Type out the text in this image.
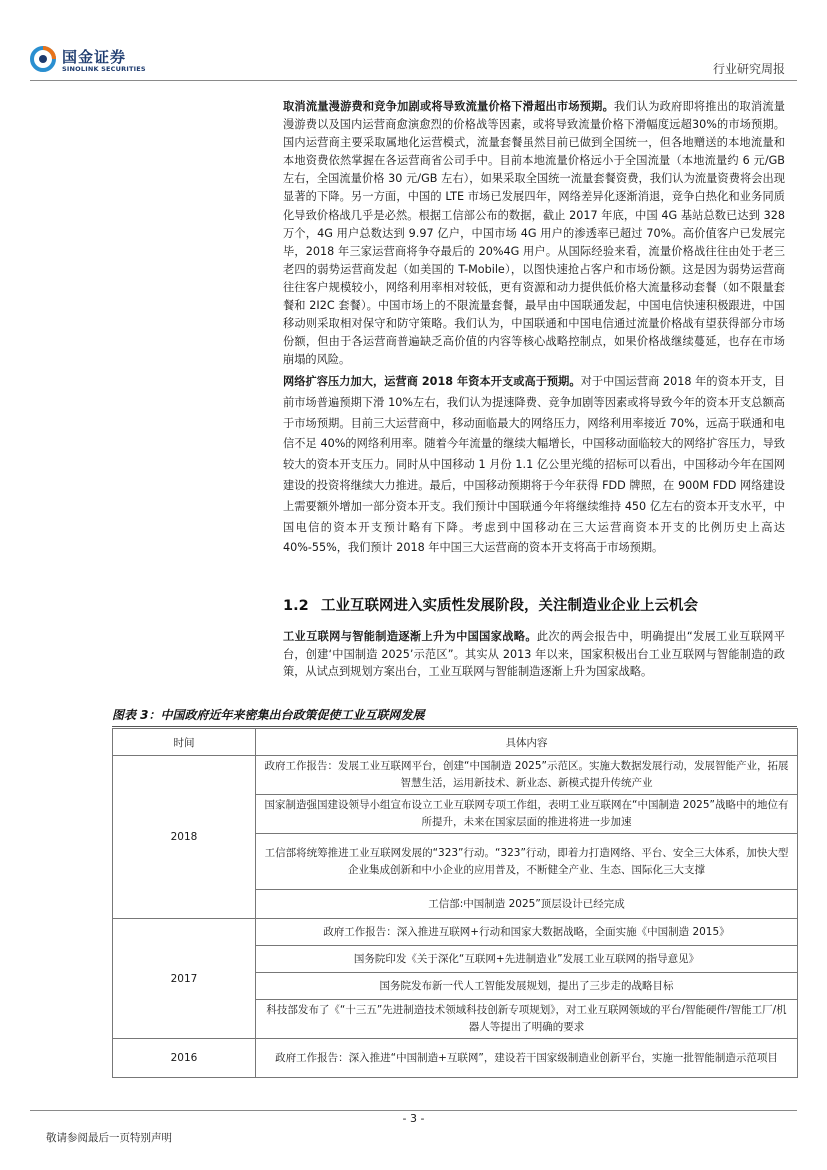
国金证券
SINOLINK SECURITIES	行业研究周报

取消流量漫游费和竞争加剧或将导致流量价格下滑超出市场预期。我们认为政府即将推出的取消流量漫游费以及国内运营商愈演愈烈的价格战等因素，或将导致流量价格下滑幅度远超30%的市场预期。国内运营商主要采取属地化运营模式，流量套餐虽然目前已做到全国统一，但各地赠送的本地流量和本地资费依然掌握在各运营商省公司手中。目前本地流量价格远小于全国流量（本地流量约 6 元/GB 左右，全国流量价格 30 元/GB 左右），如果采取全国统一流量套餐资费，我们认为流量资费将会出现显著的下降。另一方面，中国的 LTE 市场已发展四年，网络差异化逐渐消退，竞争白热化和业务同质化导致价格战几乎是必然。根据工信部公布的数据，截止 2017 年底，中国 4G 基站总数已达到 328 万个，4G 用户总数达到 9.97 亿户，中国市场 4G 用户的渗透率已超过 70%。高价值客户已发展完毕，2018 年三家运营商将争夺最后的 20%4G 用户。从国际经验来看，流量价格战往往由处于老三老四的弱势运营商发起（如美国的 T-Mobile），以图快速抢占客户和市场份额。这是因为弱势运营商往往客户规模较小，网络利用率相对较低，更有资源和动力提供低价格大流量移动套餐（如不限量套餐和 2I2C 套餐）。中国市场上的不限流量套餐，最早由中国联通发起，中国电信快速积极跟进，中国移动则采取相对保守和防守策略。我们认为，中国联通和中国电信通过流量价格战有望获得部分市场份额，但由于各运营商普遍缺乏高价值的内容等核心战略控制点，如果价格战继续蔓延，也存在市场崩塌的风险。

网络扩容压力加大，运营商 2018 年资本开支或高于预期。对于中国运营商 2018 年的资本开支，目前市场普遍预期下滑 10%左右，我们认为提速降费、竞争加剧等因素或将导致今年的资本开支总额高于市场预期。目前三大运营商中，移动面临最大的网络压力，网络利用率接近 70%，远高于联通和电信不足 40%的网络利用率。随着今年流量的继续大幅增长，中国移动面临较大的网络扩容压力，导致较大的资本开支压力。同时从中国移动 1 月份 1.1 亿公里光缆的招标可以看出，中国移动今年在国网建设的投资将继续大力推进。最后，中国移动预期将于今年获得 FDD 牌照，在 900M FDD 网络建设上需要额外增加一部分资本开支。我们预计中国联通今年将继续维持 450 亿左右的资本开支水平，中国电信的资本开支预计略有下降。考虑到中国移动在三大运营商资本开支的比例历史上高达 40%-55%，我们预计 2018 年中国三大运营商的资本开支将高于市场预期。

1.2 工业互联网进入实质性发展阶段，关注制造业企业上云机会

工业互联网与智能制造逐渐上升为中国国家战略。此次的两会报告中，明确提出“发展工业互联网平台，创建‘中国制造 2025’示范区”。其实从 2013 年以来，国家积极出台工业互联网与智能制造的政策，从试点到规划方案出台，工业互联网与智能制造逐渐上升为国家战略。

图表 3：中国政府近年来密集出台政策促使工业互联网发展
时间	具体内容
2018	政府工作报告：发展工业互联网平台，创建“中国制造 2025”示范区。实施大数据发展行动，发展智能产业，拓展智慧生活，运用新技术、新业态、新模式提升传统产业
	国家制造强国建设领导小组宣布设立工业互联网专项工作组，表明工业互联网在“中国制造 2025”战略中的地位有所提升，未来在国家层面的推进将进一步加速
	工信部将统筹推进工业互联网发展的“323”行动。“323”行动，即着力打造网络、平台、安全三大体系，加快大型企业集成创新和中小企业的应用普及，不断健全产业、生态、国际化三大支撑
	工信部:中国制造 2025”顶层设计已经完成
2017	政府工作报告：深入推进互联网+行动和国家大数据战略，全面实施《中国制造 2015》
	国务院印发《关于深化“互联网+先进制造业”发展工业互联网的指导意见》
	国务院发布新一代人工智能发展规划，提出了三步走的战略目标
	科技部发布了《“十三五”先进制造技术领域科技创新专项规划》，对工业互联网领域的平台/智能硬件/智能工厂/机器人等提出了明确的要求
2016	政府工作报告：深入推进“中国制造+互联网”，建设若干国家级制造业创新平台，实施一批智能制造示范项目
- 3 -
敬请参阅最后一页特别声明
